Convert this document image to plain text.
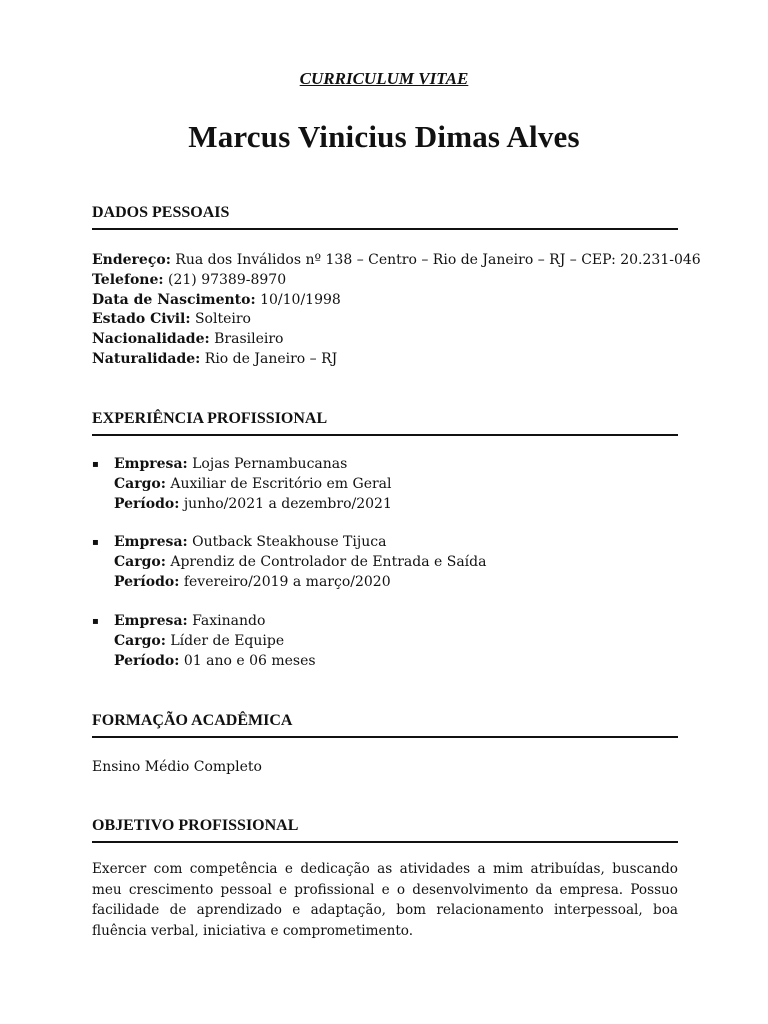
CURRICULUM VITAE
Marcus Vinicius Dimas Alves
DADOS PESSOAIS
Endereço: Rua dos Inválidos nº 138 – Centro – Rio de Janeiro – RJ – CEP: 20.231-046
Telefone: (21) 97389-8970
Data de Nascimento: 10/10/1998
Estado Civil: Solteiro
Nacionalidade: Brasileiro
Naturalidade: Rio de Janeiro – RJ
EXPERIÊNCIA PROFISSIONAL
▪ Empresa: Lojas Pernambucanas
Cargo: Auxiliar de Escritório em Geral
Período: junho/2021 a dezembro/2021
▪ Empresa: Outback Steakhouse Tijuca
Cargo: Aprendiz de Controlador de Entrada e Saída
Período: fevereiro/2019 a março/2020
▪ Empresa: Faxinando
Cargo: Líder de Equipe
Período: 01 ano e 06 meses
FORMAÇÃO ACADÊMICA
Ensino Médio Completo
OBJETIVO PROFISSIONAL
Exercer com competência e dedicação as atividades a mim atribuídas, buscando meu crescimento pessoal e profissional e o desenvolvimento da empresa. Possuo facilidade de aprendizado e adaptação, bom relacionamento interpessoal, boa fluência verbal, iniciativa e comprometimento.
